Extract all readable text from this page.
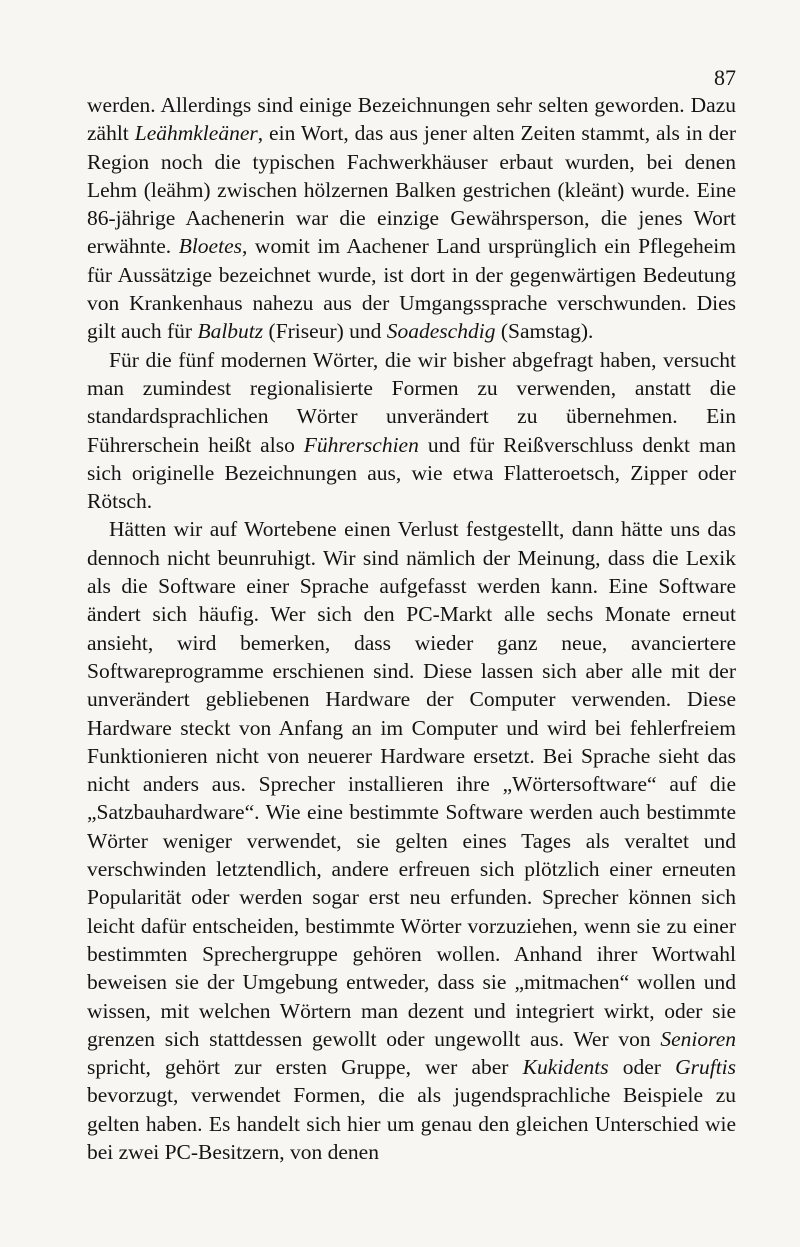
87

werden. Allerdings sind einige Bezeichnungen sehr selten geworden. Dazu zählt Leähmkleäner, ein Wort, das aus jener alten Zeiten stammt, als in der Region noch die typischen Fachwerkhäuser erbaut wurden, bei denen Lehm (leähm) zwischen hölzernen Balken gestrichen (kleänt) wurde. Eine 86-jährige Aachenerin war die einzige Gewährsperson, die jenes Wort erwähnte. Bloetes, womit im Aachener Land ursprünglich ein Pflegeheim für Aussätzige bezeichnet wurde, ist dort in der gegenwärtigen Bedeutung von Krankenhaus nahezu aus der Umgangssprache verschwunden. Dies gilt auch für Balbutz (Friseur) und Soadeschdig (Samstag).

Für die fünf modernen Wörter, die wir bisher abgefragt haben, versucht man zumindest regionalisierte Formen zu verwenden, anstatt die standardsprachlichen Wörter unverändert zu übernehmen. Ein Führerschein heißt also Führerschien und für Reißverschluss denkt man sich originelle Bezeichnungen aus, wie etwa Flatteroetsch, Zipper oder Rötsch.

Hätten wir auf Wortebene einen Verlust festgestellt, dann hätte uns das dennoch nicht beunruhigt. Wir sind nämlich der Meinung, dass die Lexik als die Software einer Sprache aufgefasst werden kann. Eine Software ändert sich häufig. Wer sich den PC-Markt alle sechs Monate erneut ansieht, wird bemerken, dass wieder ganz neue, avanciertere Softwareprogramme erschienen sind. Diese lassen sich aber alle mit der unverändert gebliebenen Hardware der Computer verwenden. Diese Hardware steckt von Anfang an im Computer und wird bei fehlerfreiem Funktionieren nicht von neuerer Hardware ersetzt. Bei Sprache sieht das nicht anders aus. Sprecher installieren ihre „Wörtersoftware“ auf die „Satzbauhardware“. Wie eine bestimmte Software werden auch bestimmte Wörter weniger verwendet, sie gelten eines Tages als veraltet und verschwinden letztendlich, andere erfreuen sich plötzlich einer erneuten Popularität oder werden sogar erst neu erfunden. Sprecher können sich leicht dafür entscheiden, bestimmte Wörter vorzuziehen, wenn sie zu einer bestimmten Sprechergruppe gehören wollen. Anhand ihrer Wortwahl beweisen sie der Umgebung entweder, dass sie „mitmachen“ wollen und wissen, mit welchen Wörtern man dezent und integriert wirkt, oder sie grenzen sich stattdessen gewollt oder ungewollt aus. Wer von Senioren spricht, gehört zur ersten Gruppe, wer aber Kukidents oder Gruftis bevorzugt, verwendet Formen, die als jugendsprachliche Beispiele zu gelten haben. Es handelt sich hier um genau den gleichen Unterschied wie bei zwei PC-Besitzern, von denen
